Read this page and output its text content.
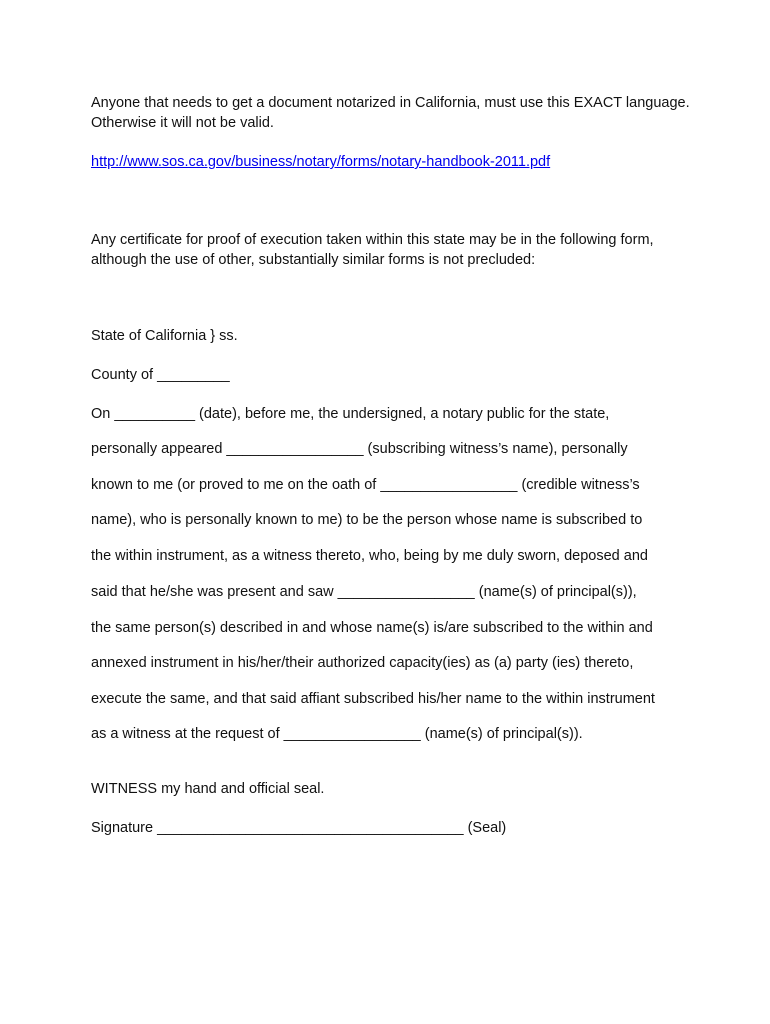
Anyone that needs to get a document notarized in California, must use this EXACT language. Otherwise it will not be valid.

http://www.sos.ca.gov/business/notary/forms/notary-handbook-2011.pdf

Any certificate for proof of execution taken within this state may be in the following form, although the use of other, substantially similar forms is not precluded:

State of California } ss.

County of _________

On __________ (date), before me, the undersigned, a notary public for the state,

personally appeared _________________ (subscribing witness’s name), personally

known to me (or proved to me on the oath of _________________ (credible witness’s

name), who is personally known to me) to be the person whose name is subscribed to

the within instrument, as a witness thereto, who, being by me duly sworn, deposed and

said that he/she was present and saw _________________ (name(s) of principal(s)),

the same person(s) described in and whose name(s) is/are subscribed to the within and

annexed instrument in his/her/their authorized capacity(ies) as (a) party (ies) thereto,

execute the same, and that said affiant subscribed his/her name to the within instrument

as a witness at the request of _________________ (name(s) of principal(s)).

WITNESS my hand and official seal.

Signature ______________________________________ (Seal)
